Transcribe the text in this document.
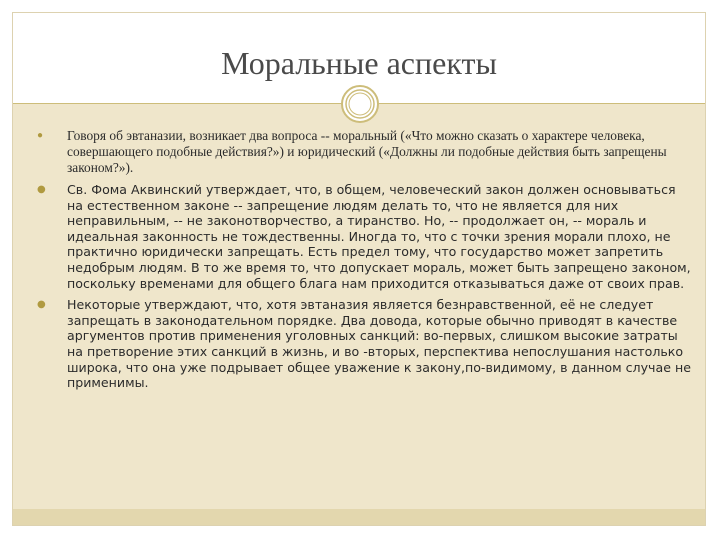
Моральные аспекты
● Говоря об эвтаназии, возникает два вопроса -- моральный («Что можно сказать о характере человека, совершающего подобные действия?») и юридический («Должны ли подобные действия быть запрещены законом?»).
● Св. Фома Аквинский утверждает, что, в общем, человеческий закон должен основываться на естественном законе -- запрещение людям делать то, что не является для них неправильным, -- не законотворчество, а тиранство. Но, -- продолжает он, -- мораль и идеальная законность не тождественны. Иногда то, что с точки зрения морали плохо, не практично юридически запрещать. Есть предел тому, что государство может запретить недобрым людям. В то же время то, что допускает мораль, может быть запрещено законом, поскольку временами для общего блага нам приходится отказываться даже от своих прав.
● Некоторые утверждают, что, хотя эвтаназия является безнравственной, её не следует запрещать в законодательном порядке. Два довода, которые обычно приводят в качестве аргументов против применения уголовных санкций: во-первых, слишком высокие затраты на претворение этих санкций в жизнь, и во -вторых, перспектива непослушания настолько широка, что она уже подрывает общее уважение к закону,по-видимому, в данном случае не применимы.
